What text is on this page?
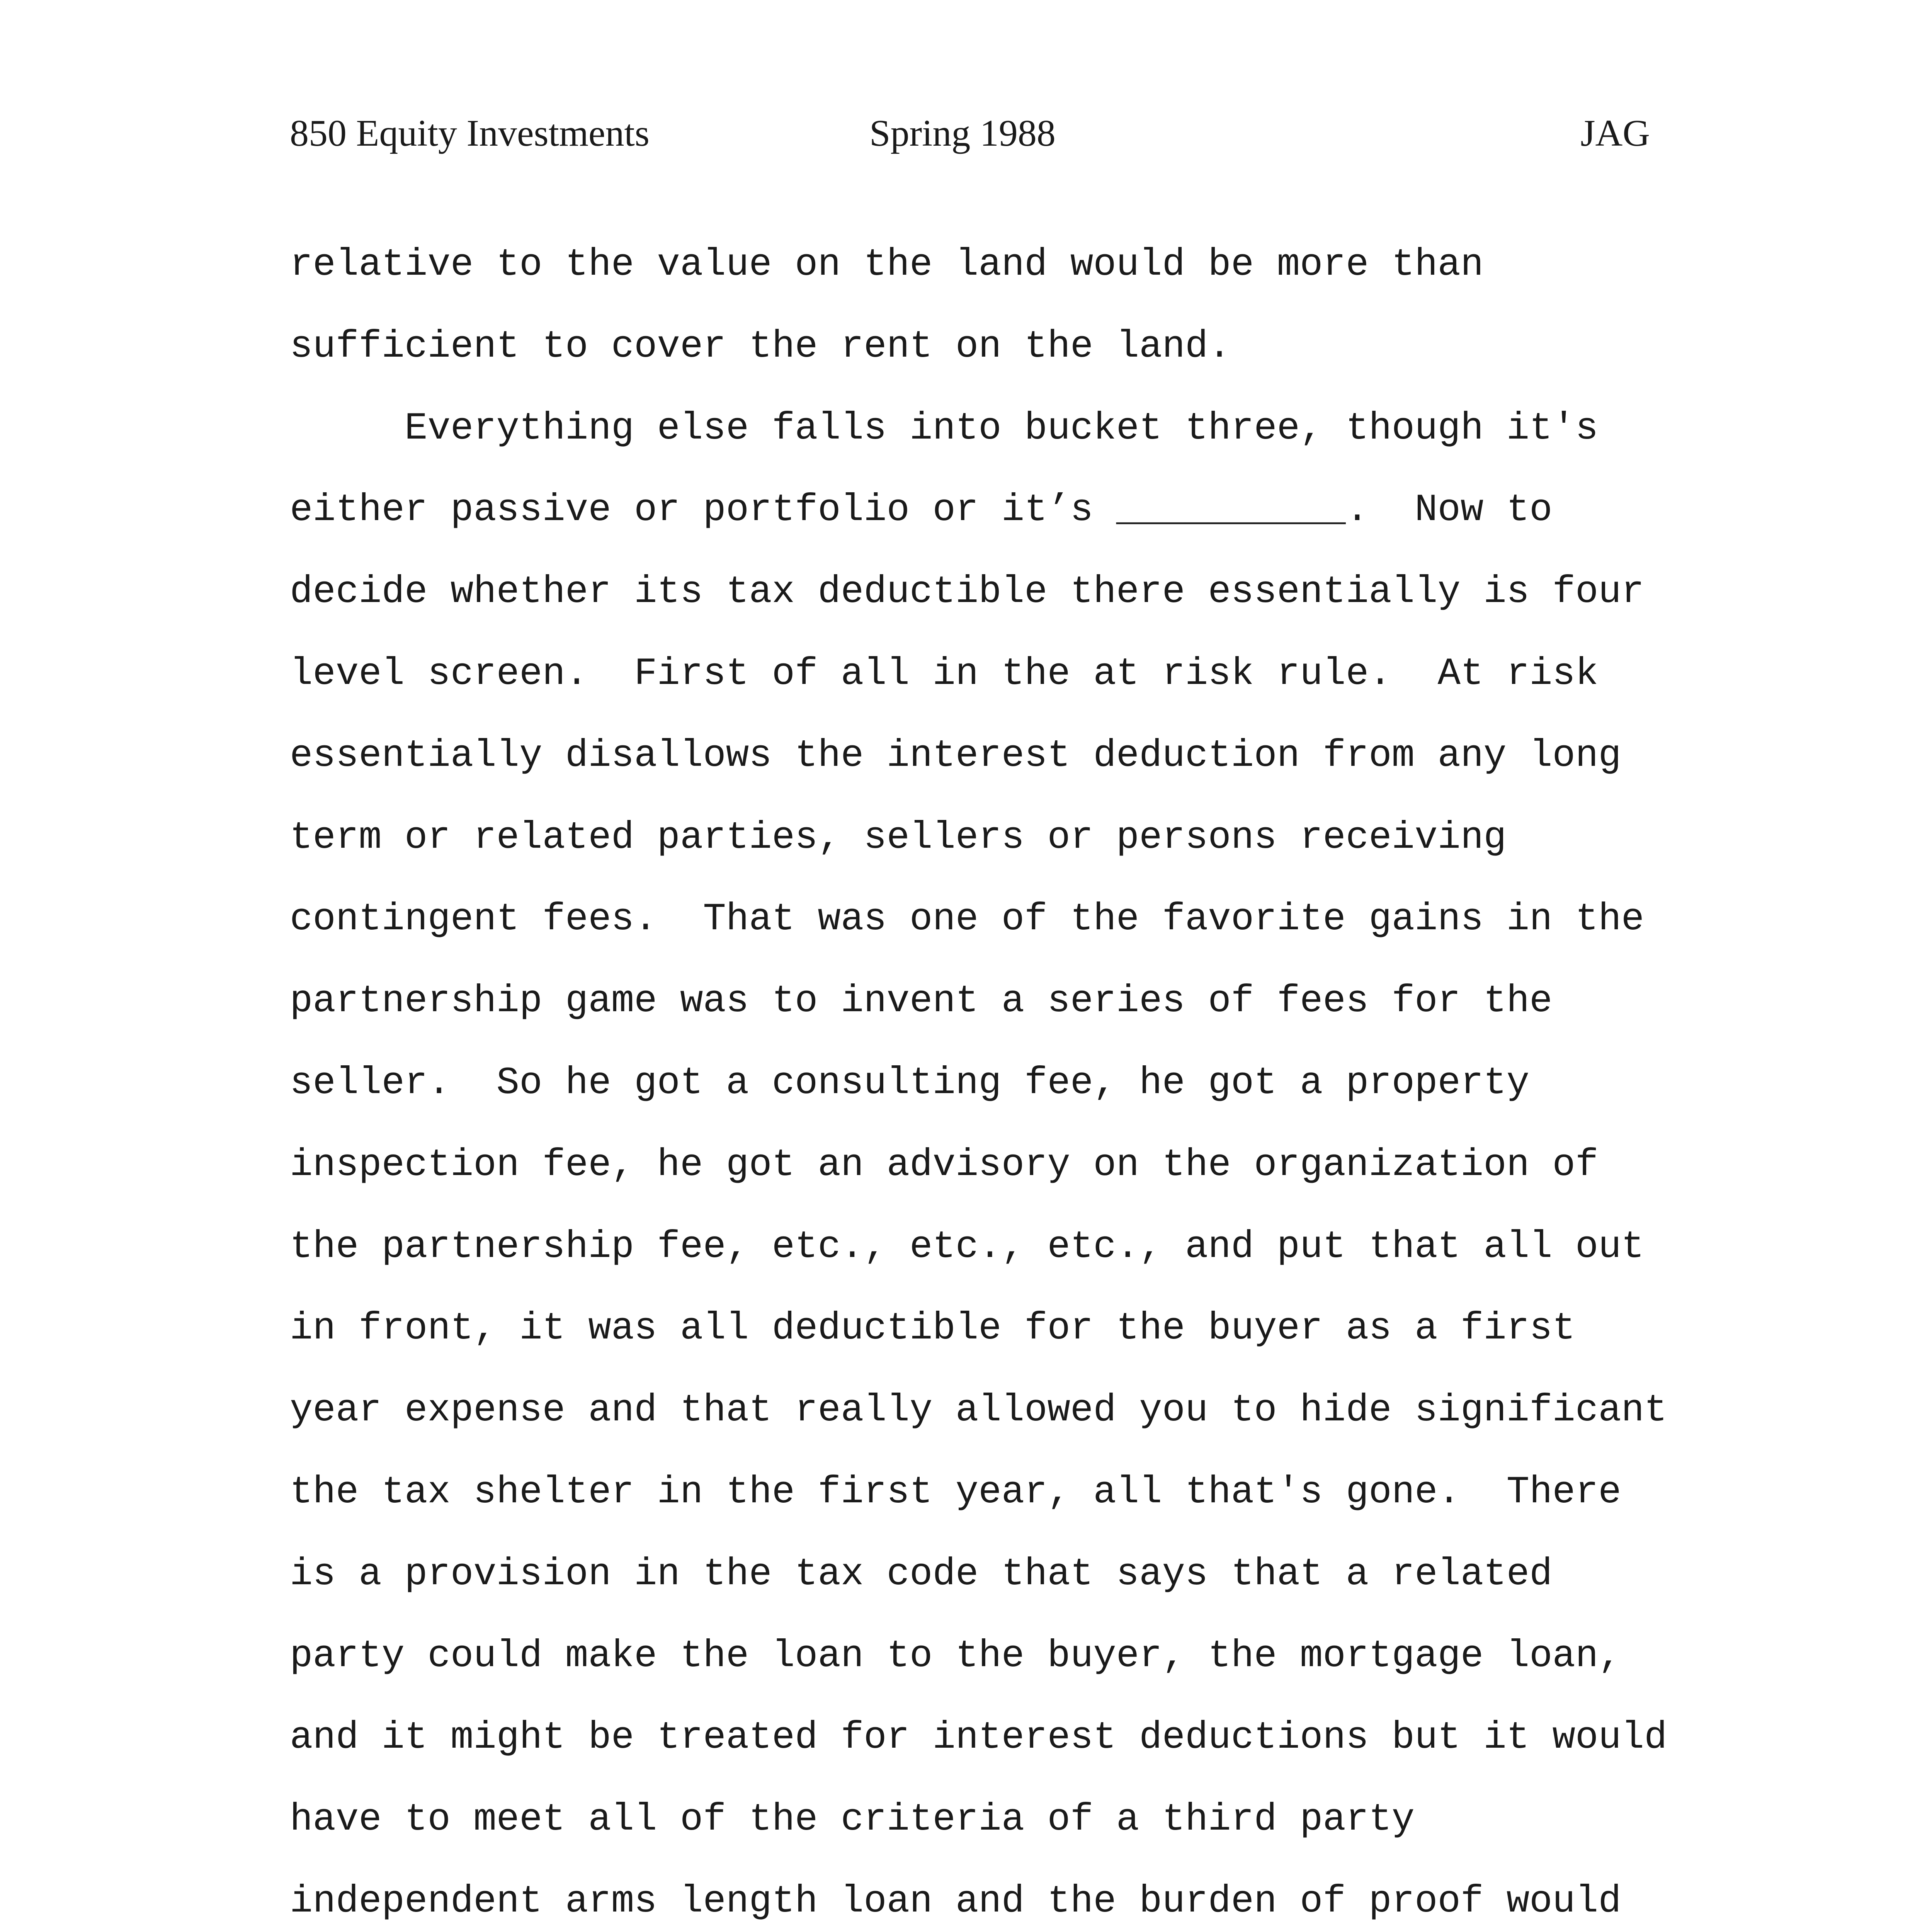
850 Equity Investments	Spring 1988	JAG
relative to the value on the land would be more than
sufficient to cover the rent on the land.
Everything else falls into bucket three, though it's
either passive or portfolio or it’s __________.  Now to
decide whether its tax deductible there essentially is four
level screen.  First of all in the at risk rule.  At risk
essentially disallows the interest deduction from any long
term or related parties, sellers or persons receiving
contingent fees.  That was one of the favorite gains in the
partnership game was to invent a series of fees for the
seller.  So he got a consulting fee, he got a property
inspection fee, he got an advisory on the organization of
the partnership fee, etc., etc., etc., and put that all out
in front, it was all deductible for the buyer as a first
year expense and that really allowed you to hide significant
the tax shelter in the first year, all that's gone.  There
is a provision in the tax code that says that a related
party could make the loan to the buyer, the mortgage loan,
and it might be treated for interest deductions but it would
have to meet all of the criteria of a third party
independent arms length loan and the burden of proof would
